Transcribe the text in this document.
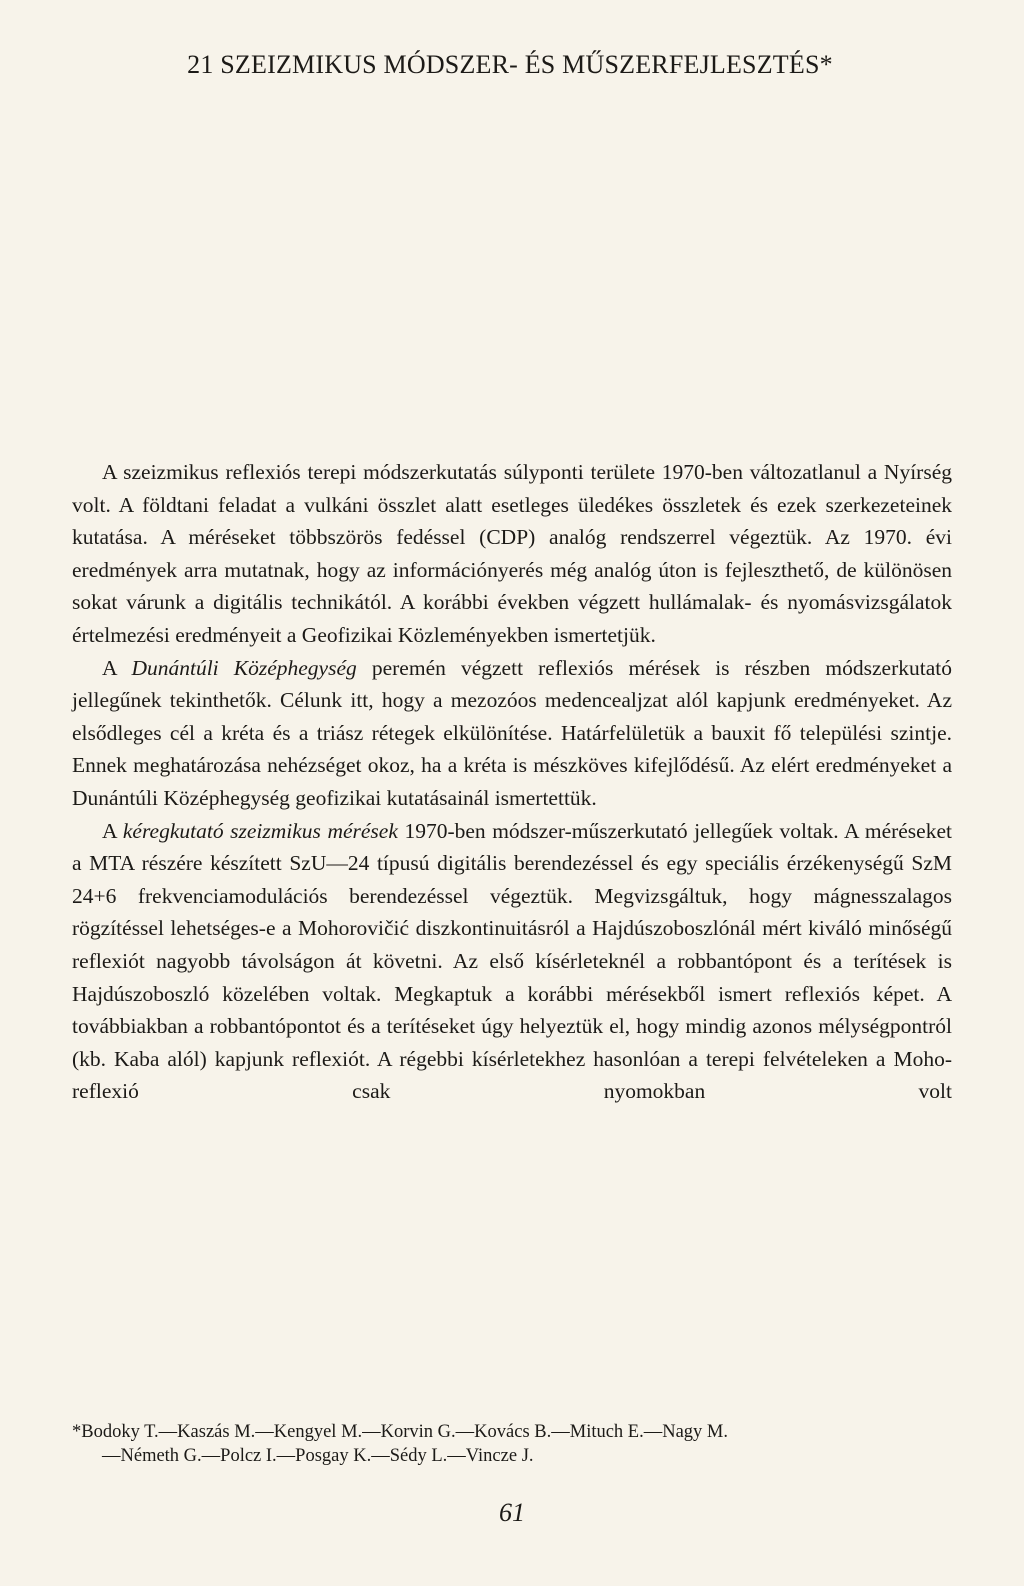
21 SZEIZMIKUS MÓDSZER- ÉS MŰSZERFEJLESZTÉS*

A szeizmikus reflexiós terepi módszerkutatás súlyponti területe 1970-ben változatlanul a Nyírség volt. A földtani feladat a vulkáni összlet alatt esetleges üledékes összletek és ezek szerkezeteinek kutatása. A méréseket többszörös fedéssel (CDP) analóg rendszerrel végeztük. Az 1970. évi eredmények arra mutatnak, hogy az információnyerés még analóg úton is fejleszthető, de különösen sokat várunk a digitális technikától. A korábbi években végzett hullámalak- és nyomásvizsgálatok értelmezési eredményeit a Geofizikai Közleményekben ismertetjük.

A Dunántúli Középhegység peremén végzett reflexiós mérések is részben módszerkutató jellegűnek tekinthetők. Célunk itt, hogy a mezozóos medencealjzat alól kapjunk eredményeket. Az elsődleges cél a kréta és a triász rétegek elkülönítése. Határfelületük a bauxit fő települési szintje. Ennek meghatározása nehézséget okoz, ha a kréta is mészköves kifejlődésű. Az elért eredményeket a Dunántúli Középhegység geofizikai kutatásainál ismertettük.

A kéregkutató szeizmikus mérések 1970-ben módszer-műszerkutató jellegűek voltak. A méréseket a MTA részére készített SzU—24 típusú digitális berendezéssel és egy speciális érzékenységű SzM 24+6 frekvenciamodulációs berendezéssel végeztük. Megvizsgáltuk, hogy mágnesszalagos rögzítéssel lehetséges-e a Mohorovičić diszkontinuitásról a Hajdúszoboszlónál mért kiváló minőségű reflexiót nagyobb távolságon át követni. Az első kísérleteknél a robbantópont és a terítések is Hajdúszoboszló közelében voltak. Megkaptuk a korábbi mérésekből ismert reflexiós képet. A továbbiakban a robbantópontot és a terítéseket úgy helyeztük el, hogy mindig azonos mélységpontról (kb. Kaba alól) kapjunk reflexiót. A régebbi kísérletekhez hasonlóan a terepi felvételeken a Moho-reflexió csak nyomokban volt

*Bodoky T.—Kaszás M.—Kengyel M.—Korvin G.—Kovács B.—Mituch E.—Nagy M.
—Németh G.—Polcz I.—Posgay K.—Sédy L.—Vincze J.

61
